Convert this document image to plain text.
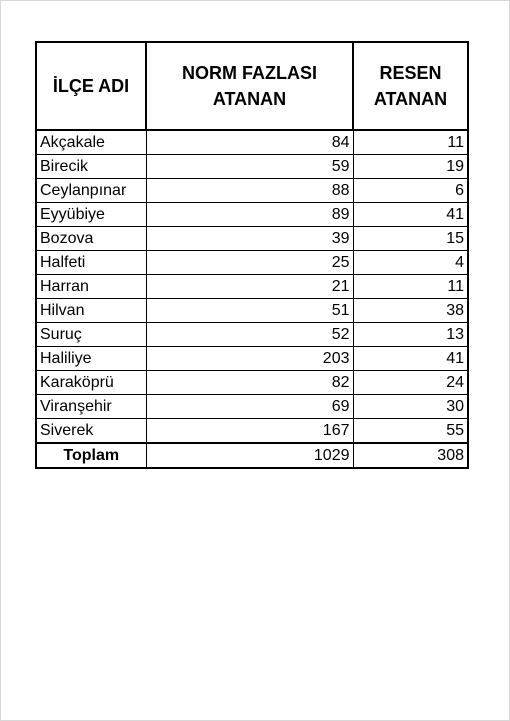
İLÇE ADI	NORM FAZLASI ATANAN	RESEN ATANAN
Akçakale	84	11
Birecik	59	19
Ceylanpınar	88	6
Eyyübiye	89	41
Bozova	39	15
Halfeti	25	4
Harran	21	11
Hilvan	51	38
Suruç	52	13
Haliliye	203	41
Karaköprü	82	24
Viranşehir	69	30
Siverek	167	55
Toplam	1029	308
